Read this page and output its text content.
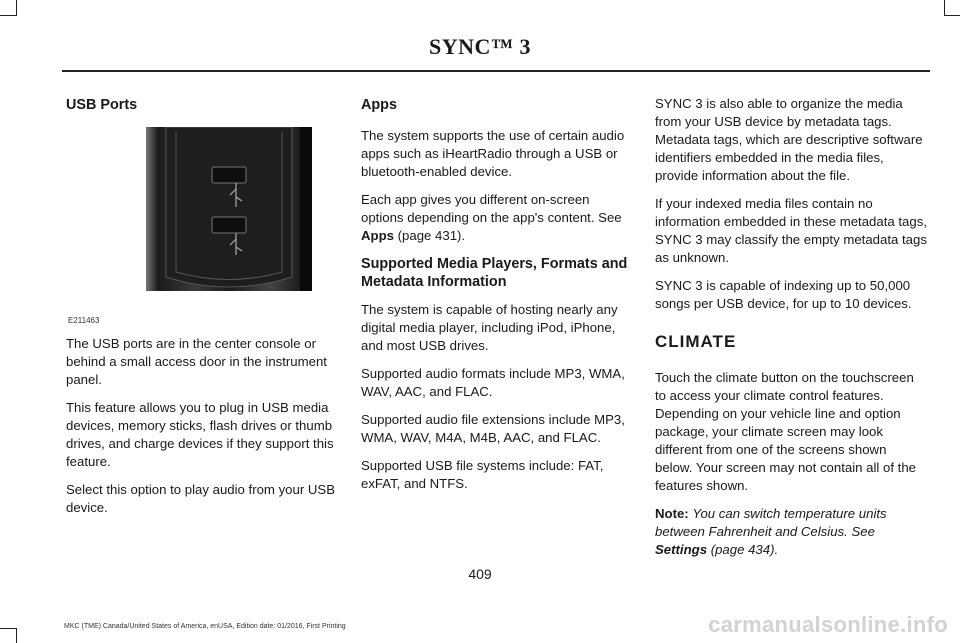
SYNC™ 3
USB Ports
E211463

The USB ports are in the center console or behind a small access door in the instrument panel.

This feature allows you to plug in USB media devices, memory sticks, flash drives or thumb drives, and charge devices if they support this feature.

Select this option to play audio from your USB device.

Apps

The system supports the use of certain audio apps such as iHeartRadio through a USB or bluetooth-enabled device.

Each app gives you different on-screen options depending on the app's content. See Apps (page 431).

Supported Media Players, Formats and Metadata Information

The system is capable of hosting nearly any digital media player, including iPod, iPhone, and most USB drives.

Supported audio formats include MP3, WMA, WAV, AAC, and FLAC.

Supported audio file extensions include MP3, WMA, WAV, M4A, M4B, AAC, and FLAC.

Supported USB file systems include: FAT, exFAT, and NTFS.

SYNC 3 is also able to organize the media from your USB device by metadata tags. Metadata tags, which are descriptive software identifiers embedded in the media files, provide information about the file.

If your indexed media files contain no information embedded in these metadata tags, SYNC 3 may classify the empty metadata tags as unknown.

SYNC 3 is capable of indexing up to 50,000 songs per USB device, for up to 10 devices.

CLIMATE

Touch the climate button on the touchscreen to access your climate control features. Depending on your vehicle line and option package, your climate screen may look different from one of the screens shown below. Your screen may not contain all of the features shown.

Note: You can switch temperature units between Fahrenheit and Celsius. See Settings (page 434).

409
MKC (TME) Canada/United States of America, enUSA, Edition date: 01/2016, First Printing	carmanualsonline.info
